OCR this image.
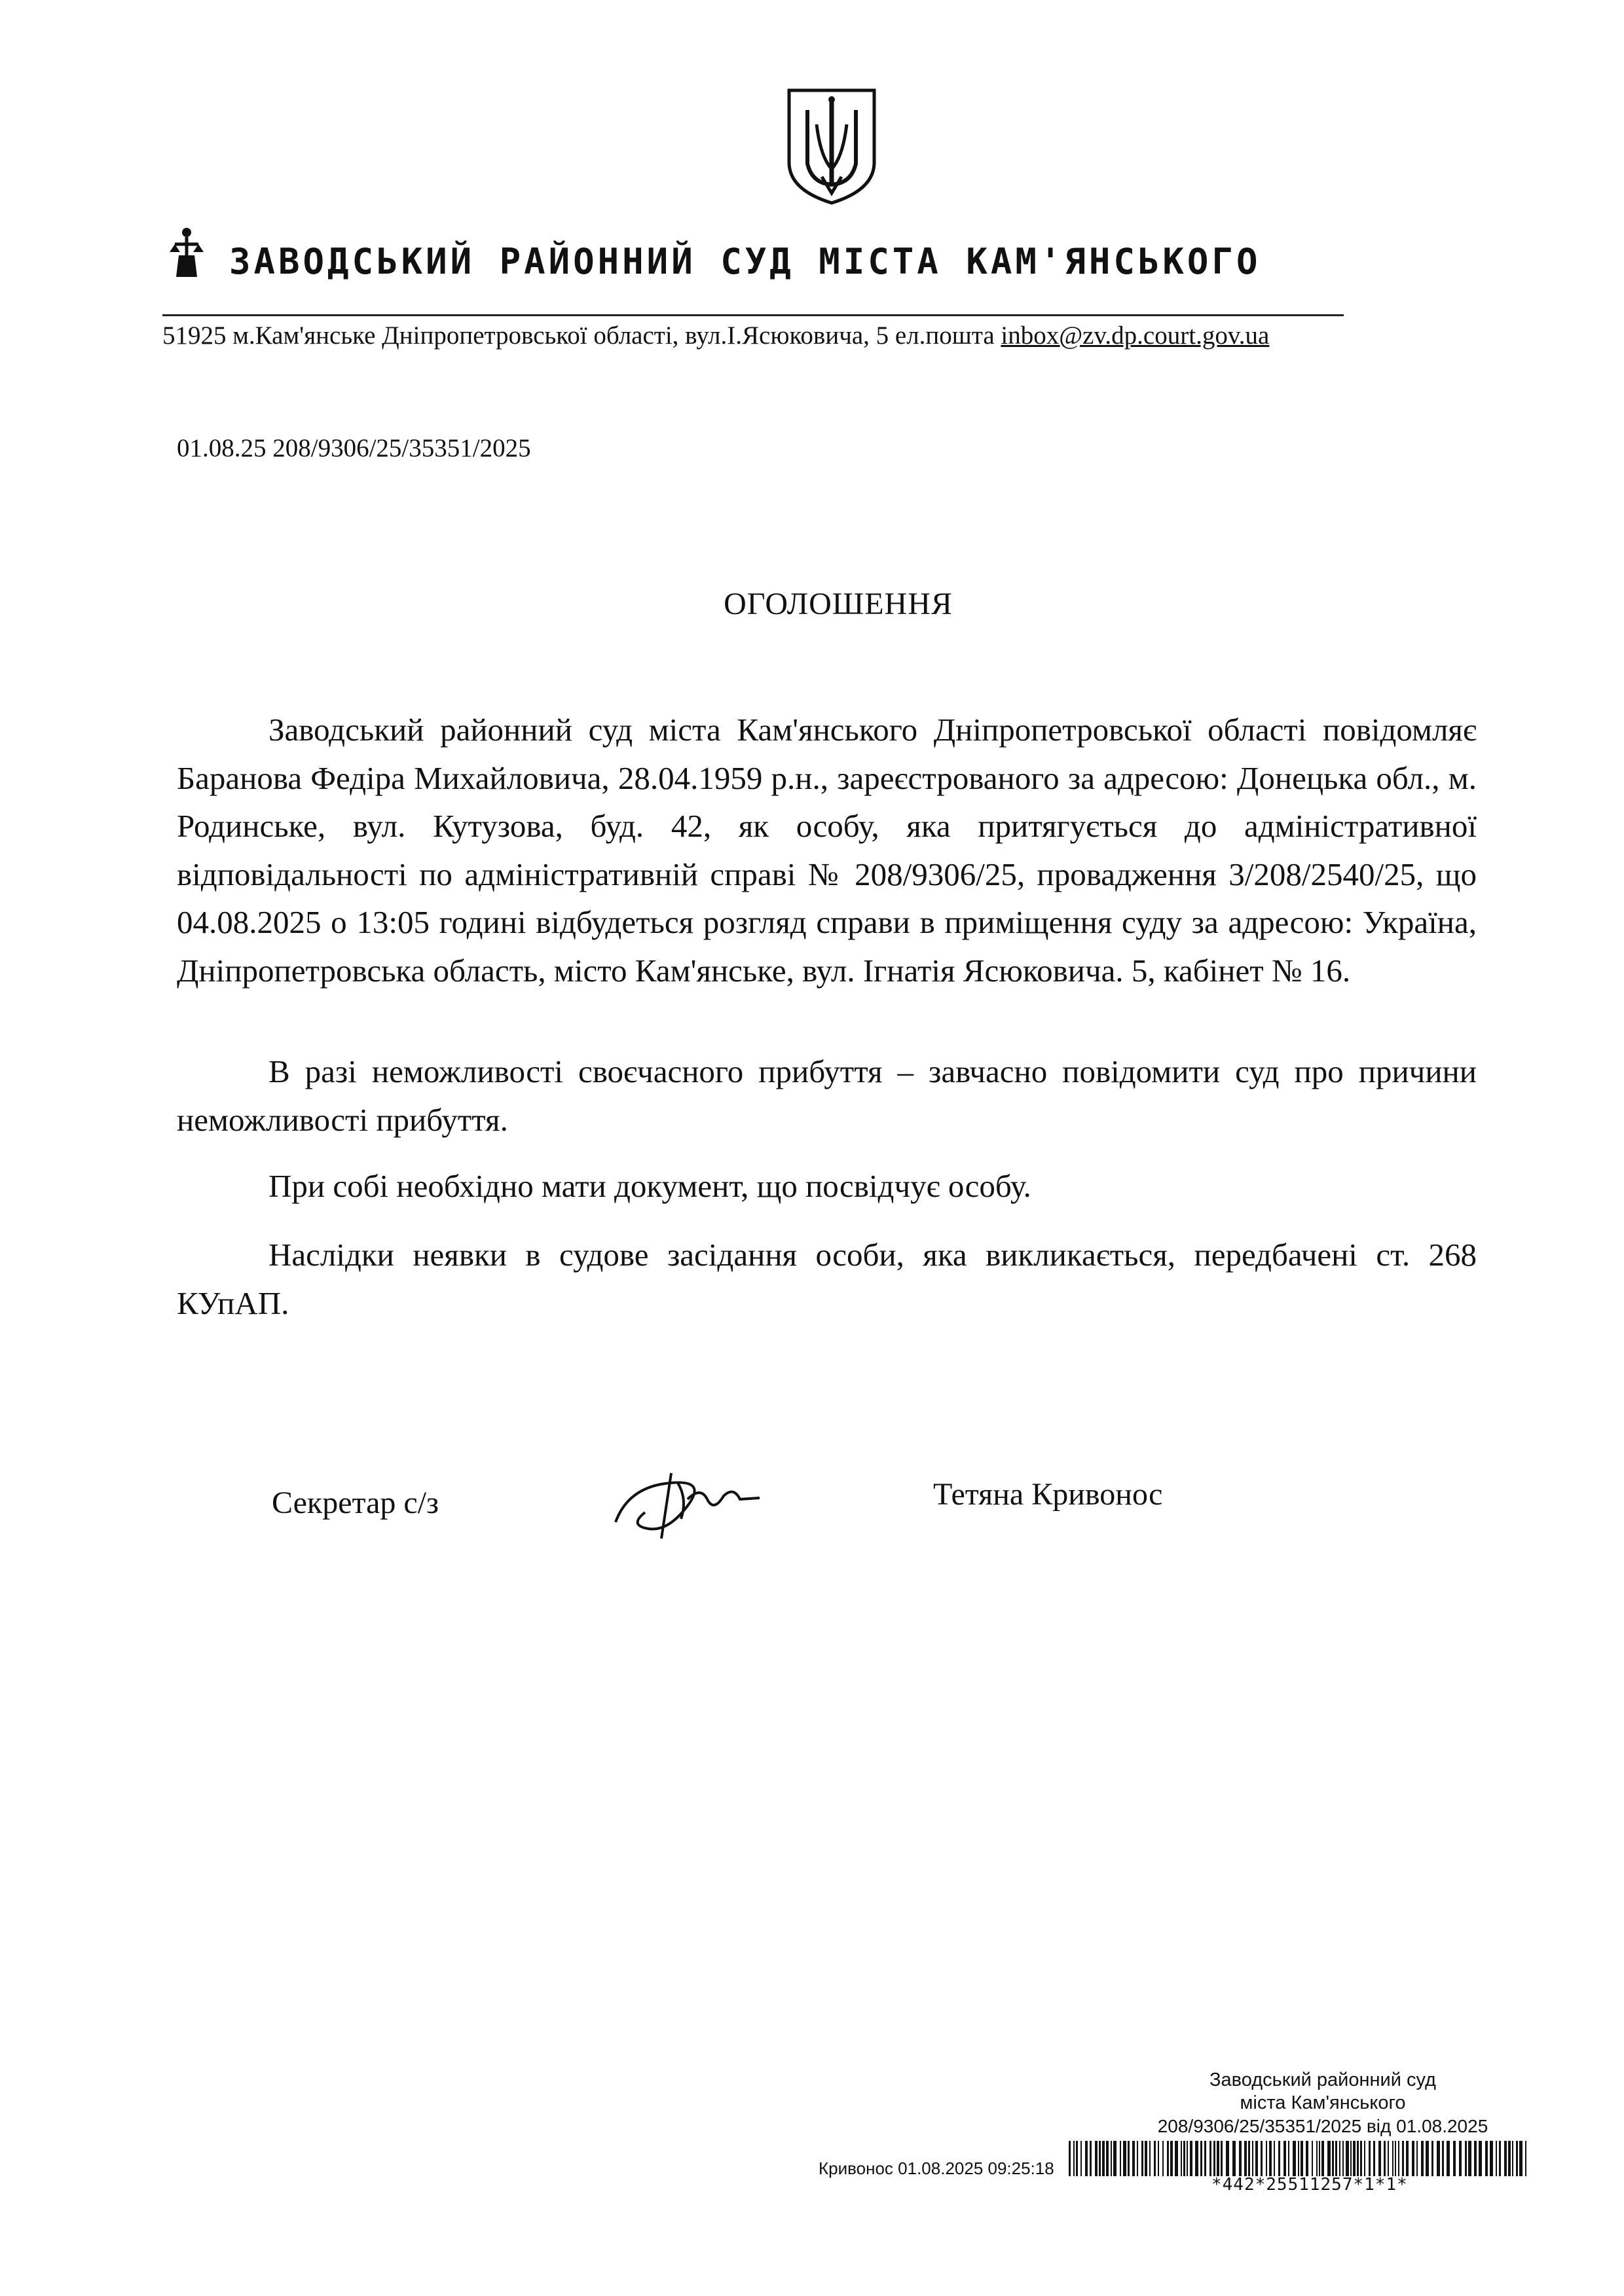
ЗАВОДСЬКИЙ РАЙОННИЙ СУД МІСТА КАМ'ЯНСЬКОГО
51925 м.Кам'янське Дніпропетровської області, вул.І.Ясюковича, 5 ел.пошта inbox@zv.dp.court.gov.ua
01.08.25 208/9306/25/35351/2025
ОГОЛОШЕННЯ

Заводський районний суд міста Кам'янського Дніпропетровської області повідомляє Баранова Федіра Михайловича, 28.04.1959 р.н., зареєстрованого за адресою: Донецька обл., м. Родинське, вул. Кутузова, буд. 42, як особу, яка притягується до адміністративної відповідальності по адміністративній справі № 208/9306/25, провадження 3/208/2540/25, що 04.08.2025 о 13:05 годині відбудеться розгляд справи в приміщення суду за адресою: Україна, Дніпропетровська область, місто Кам'янське, вул. Ігнатія Ясюковича. 5, кабінет № 16.

В разі неможливості своєчасного прибуття – завчасно повідомити суд про причини неможливості прибуття.

При собі необхідно мати документ, що посвідчує особу.

Наслідки неявки в судове засідання особи, яка викликається, передбачені ст. 268 КУпАП.

Секретар с/з	Тетяна Кривонос
Заводський районний суд
міста Кам'янського
208/9306/25/35351/2025 від 01.08.2025
Кривонос 01.08.2025 09:25:18
*442*25511257*1*1*
